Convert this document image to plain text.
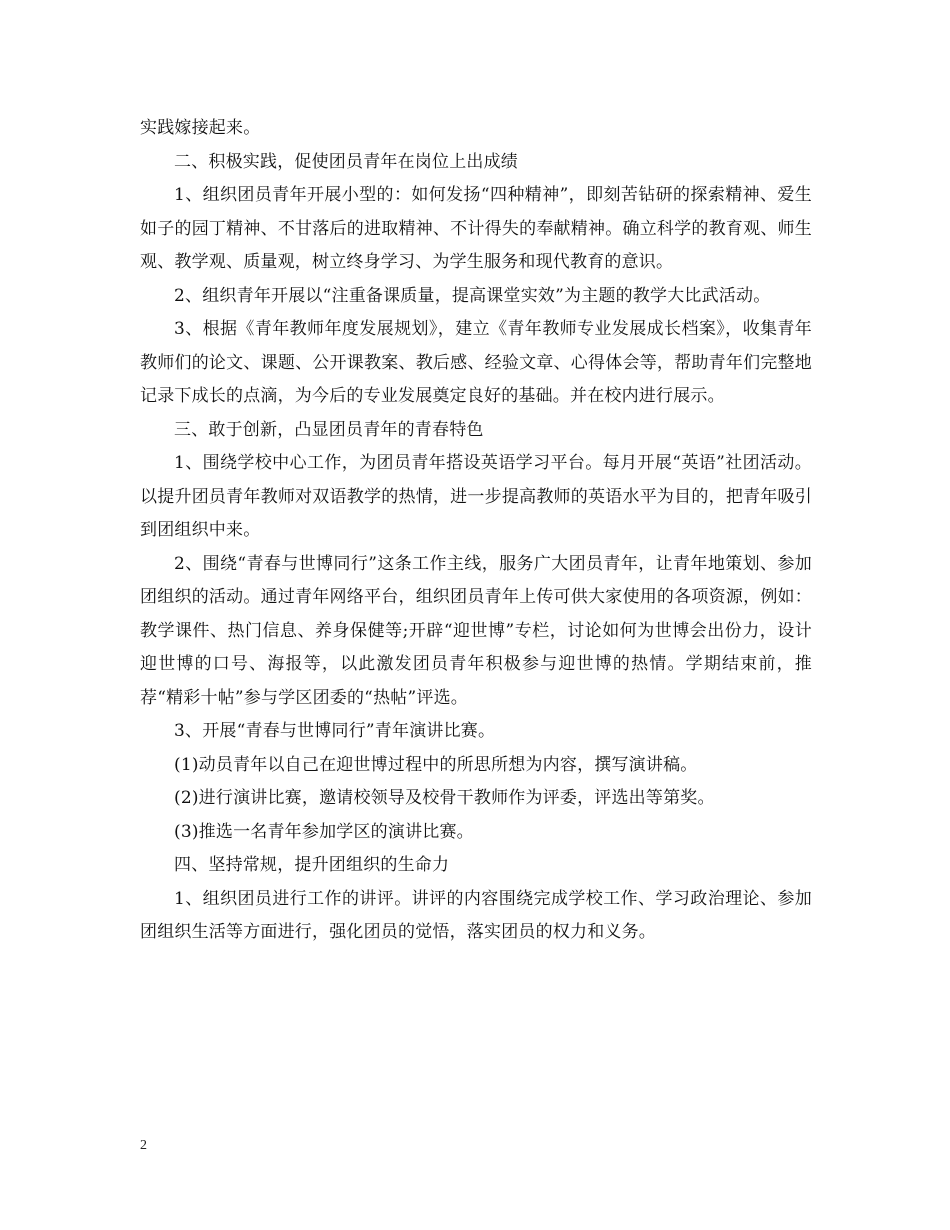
实践嫁接起来。

二、积极实践，促使团员青年在岗位上出成绩

1、组织团员青年开展小型的：如何发扬“四种精神”，即刻苦钻研的探索精神、爱生如子的园丁精神、不甘落后的进取精神、不计得失的奉献精神。确立科学的教育观、师生观、教学观、质量观，树立终身学习、为学生服务和现代教育的意识。

2、组织青年开展以“注重备课质量，提高课堂实效”为主题的教学大比武活动。

3、根据《青年教师年度发展规划》，建立《青年教师专业发展成长档案》，收集青年教师们的论文、课题、公开课教案、教后感、经验文章、心得体会等，帮助青年们完整地记录下成长的点滴，为今后的专业发展奠定良好的基础。并在校内进行展示。

三、敢于创新，凸显团员青年的青春特色

1、围绕学校中心工作，为团员青年搭设英语学习平台。每月开展“英语”社团活动。以提升团员青年教师对双语教学的热情，进一步提高教师的英语水平为目的，把青年吸引到团组织中来。

2、围绕“青春与世博同行”这条工作主线，服务广大团员青年，让青年地策划、参加团组织的活动。通过青年网络平台，组织团员青年上传可供大家使用的各项资源，例如：教学课件、热门信息、养身保健等;开辟“迎世博”专栏，讨论如何为世博会出份力，设计迎世博的口号、海报等，以此激发团员青年积极参与迎世博的热情。学期结束前，推荐“精彩十帖”参与学区团委的“热帖”评选。

3、开展“青春与世博同行”青年演讲比赛。

(1)动员青年以自己在迎世博过程中的所思所想为内容，撰写演讲稿。

(2)进行演讲比赛，邀请校领导及校骨干教师作为评委，评选出等第奖。

(3)推选一名青年参加学区的演讲比赛。

四、坚持常规，提升团组织的生命力

1、组织团员进行工作的讲评。讲评的内容围绕完成学校工作、学习政治理论、参加团组织生活等方面进行，强化团员的觉悟，落实团员的权力和义务。

2
